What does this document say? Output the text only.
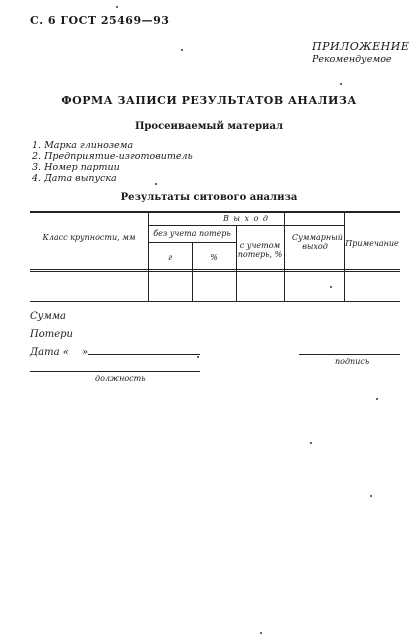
С. 6 ГОСТ 25469—93
ПРИЛОЖЕНИЕ
Рекомендуемое
ФОРМА ЗАПИСИ РЕЗУЛЬТАТОВ АНАЛИЗА
Просеиваемый материал
1. Марка глинозема
2. Предприятие-изготовитель
3. Номер партии
4. Дата выпуска
Результаты ситового анализа
Класс крупности, мм
В ы х о д
без учета потерь
г	%
с учетом потерь, %
Суммарный выход	Примечание
Сумма
Потери
Дата « »
подпись
должность
